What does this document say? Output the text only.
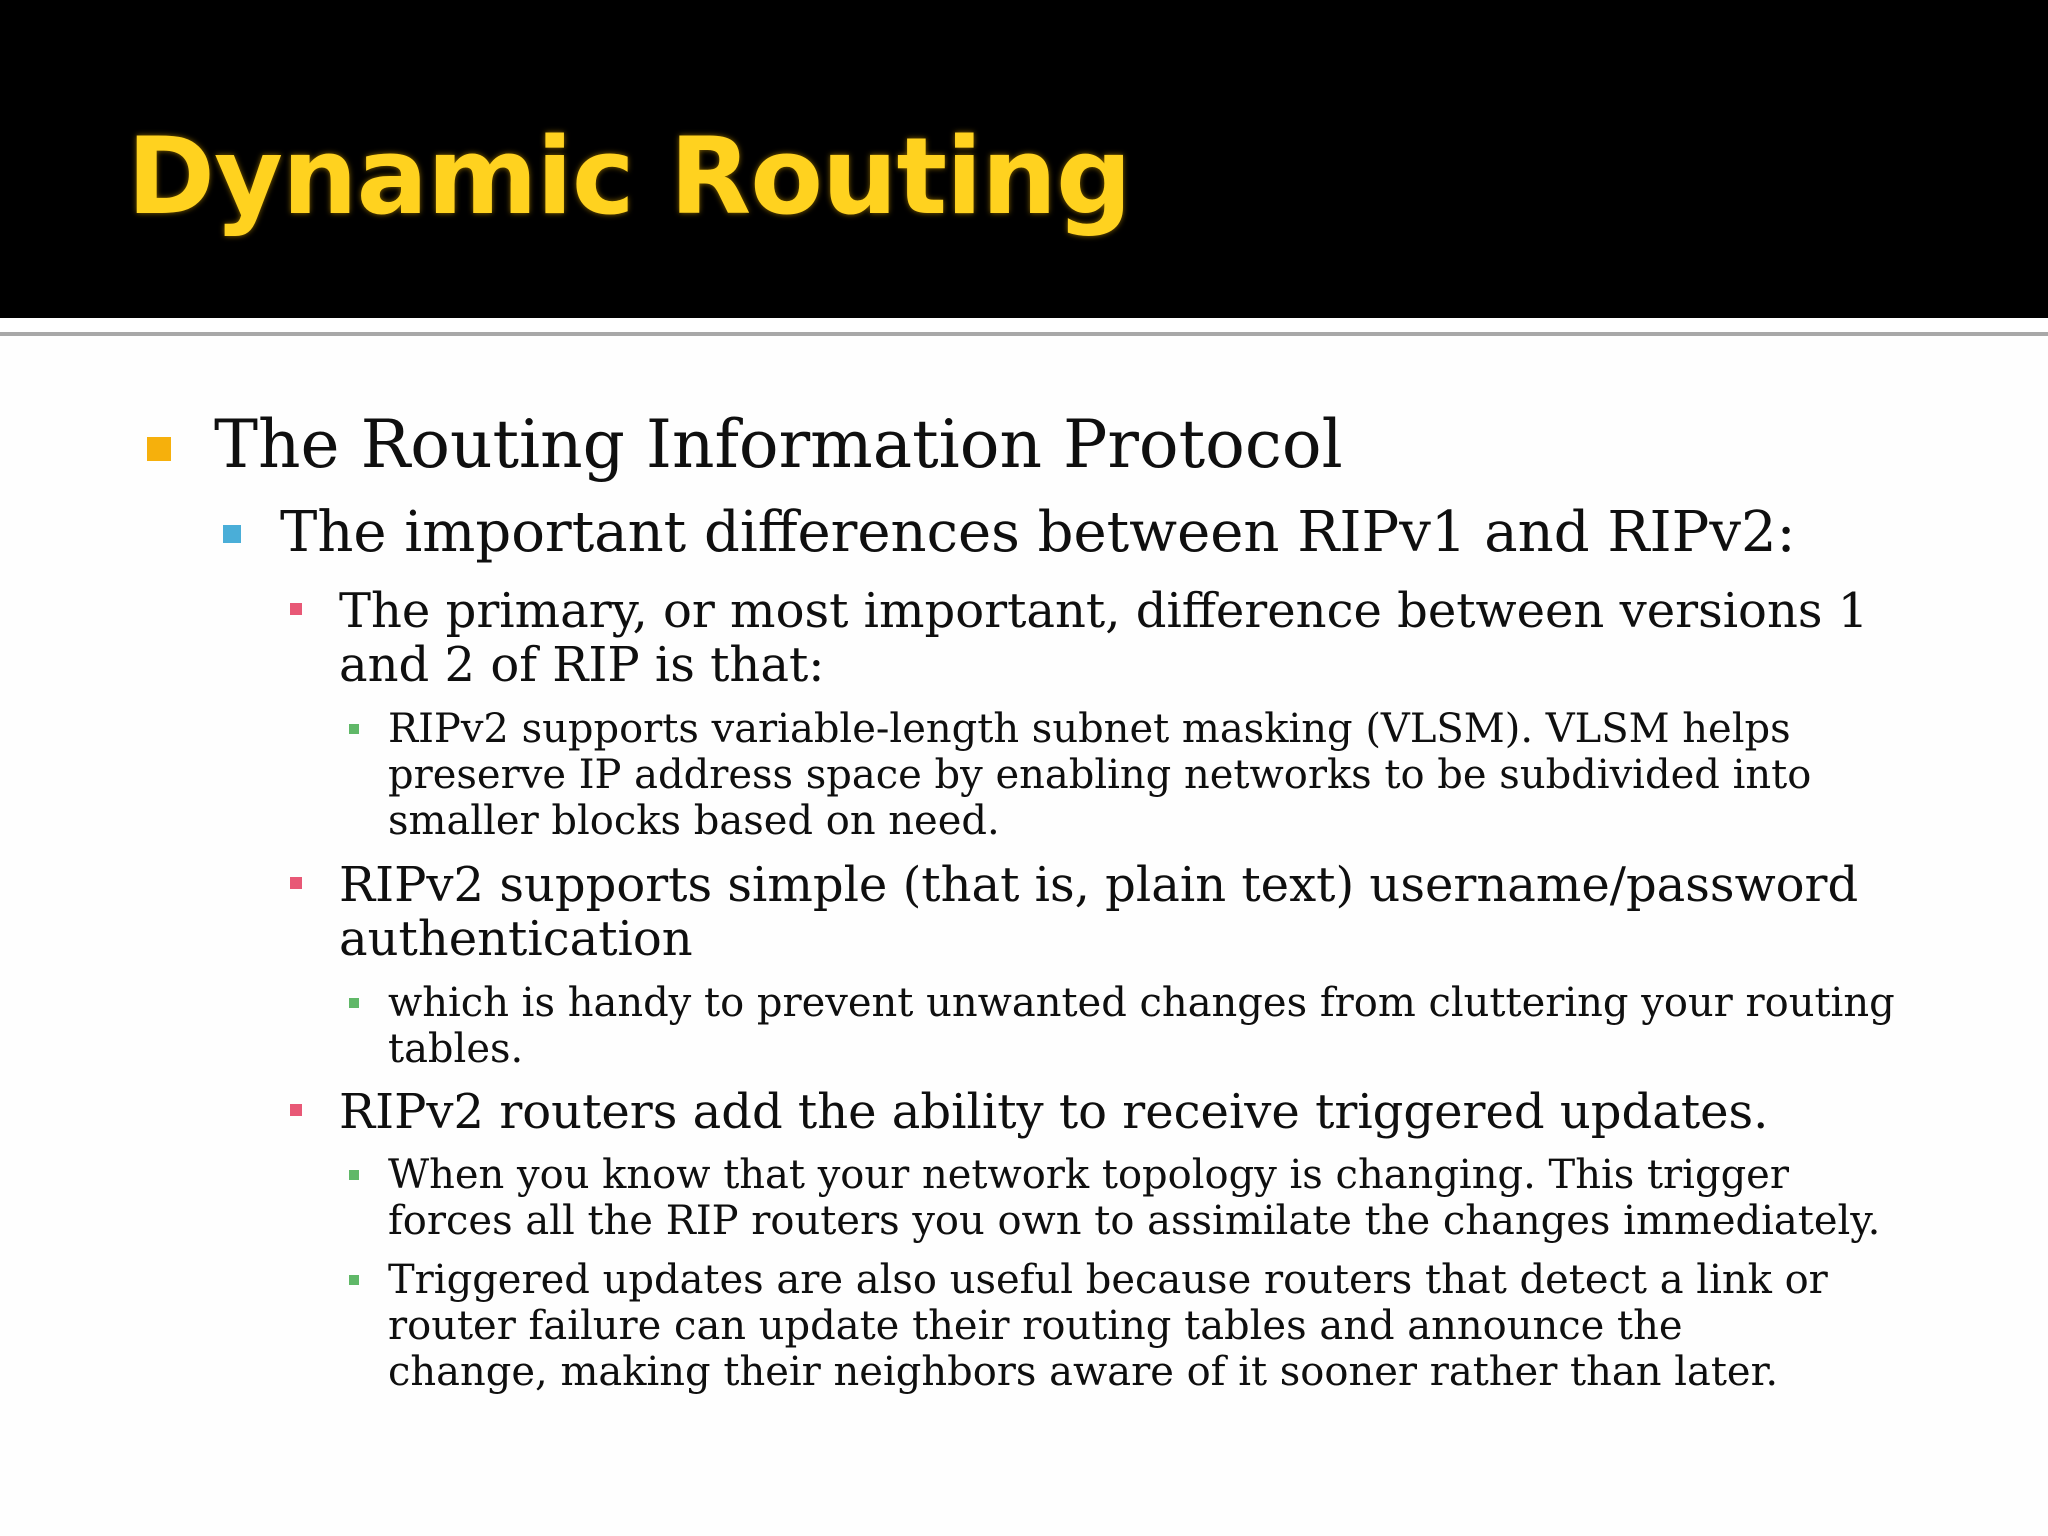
Dynamic Routing
The Routing Information Protocol
The important differences between RIPv1 and RIPv2:
The primary, or most important, difference between versions 1
and 2 of RIP is that:
RIPv2 supports variable-length subnet masking (VLSM). VLSM helps
preserve IP address space by enabling networks to be subdivided into
smaller blocks based on need.
RIPv2 supports simple (that is, plain text) username/password
authentication
which is handy to prevent unwanted changes from cluttering your routing
tables.
RIPv2 routers add the ability to receive triggered updates.
When you know that your network topology is changing. This trigger
forces all the RIP routers you own to assimilate the changes immediately.
Triggered updates are also useful because routers that detect a link or
router failure can update their routing tables and announce the
change, making their neighbors aware of it sooner rather than later.
